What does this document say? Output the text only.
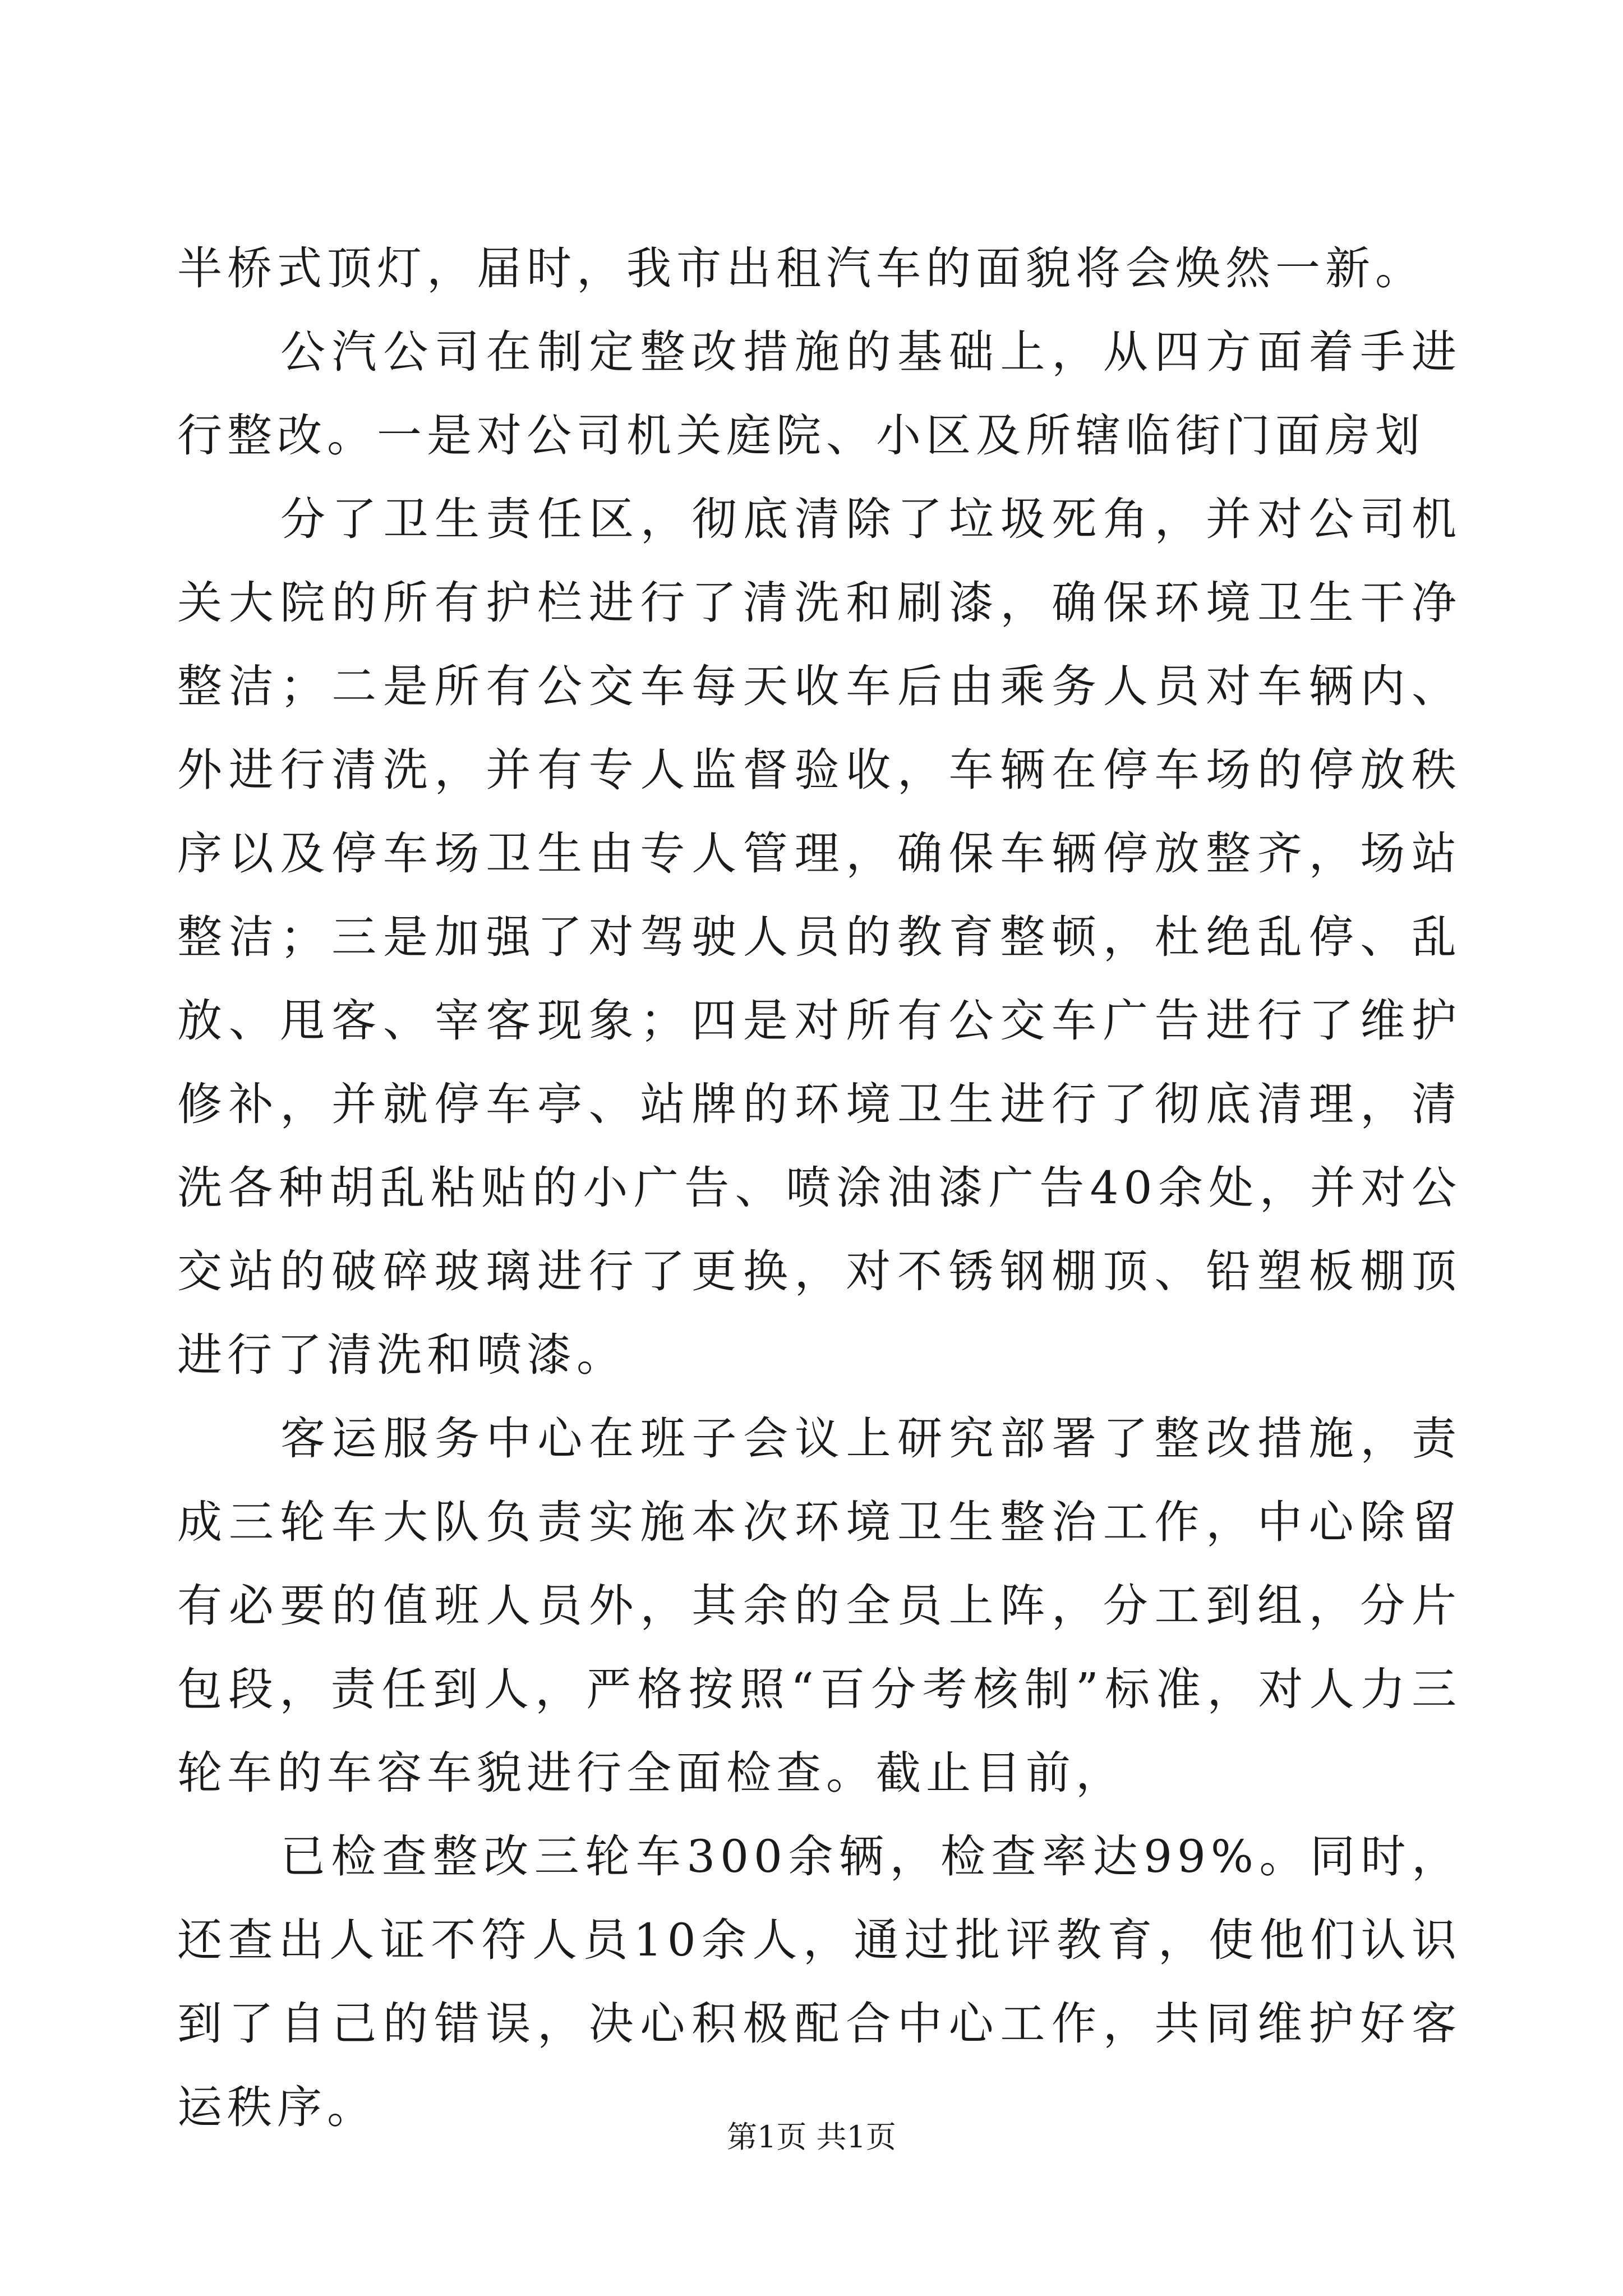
半桥式顶灯，届时，我市出租汽车的面貌将会焕然一新。

公汽公司在制定整改措施的基础上，从四方面着手进行整改。一是对公司机关庭院、小区及所辖临街门面房划

分了卫生责任区，彻底清除了垃圾死角，并对公司机关大院的所有护栏进行了清洗和刷漆，确保环境卫生干净整洁；二是所有公交车每天收车后由乘务人员对车辆内、外进行清洗，并有专人监督验收，车辆在停车场的停放秩序以及停车场卫生由专人管理，确保车辆停放整齐，场站整洁；三是加强了对驾驶人员的教育整顿，杜绝乱停、乱放、甩客、宰客现象；四是对所有公交车广告进行了维护修补，并就停车亭、站牌的环境卫生进行了彻底清理，清洗各种胡乱粘贴的小广告、喷涂油漆广告40余处，并对公交站的破碎玻璃进行了更换，对不锈钢棚顶、铅塑板棚顶进行了清洗和喷漆。

客运服务中心在班子会议上研究部署了整改措施，责成三轮车大队负责实施本次环境卫生整治工作，中心除留有必要的值班人员外，其余的全员上阵，分工到组，分片包段，责任到人，严格按照“百分考核制”标准，对人力三轮车的车容车貌进行全面检查。截止目前，

已检查整改三轮车300余辆，检查率达99%。同时，还查出人证不符人员10余人，通过批评教育，使他们认识到了自己的错误，决心积极配合中心工作，共同维护好客运秩序。

第1页 共1页
